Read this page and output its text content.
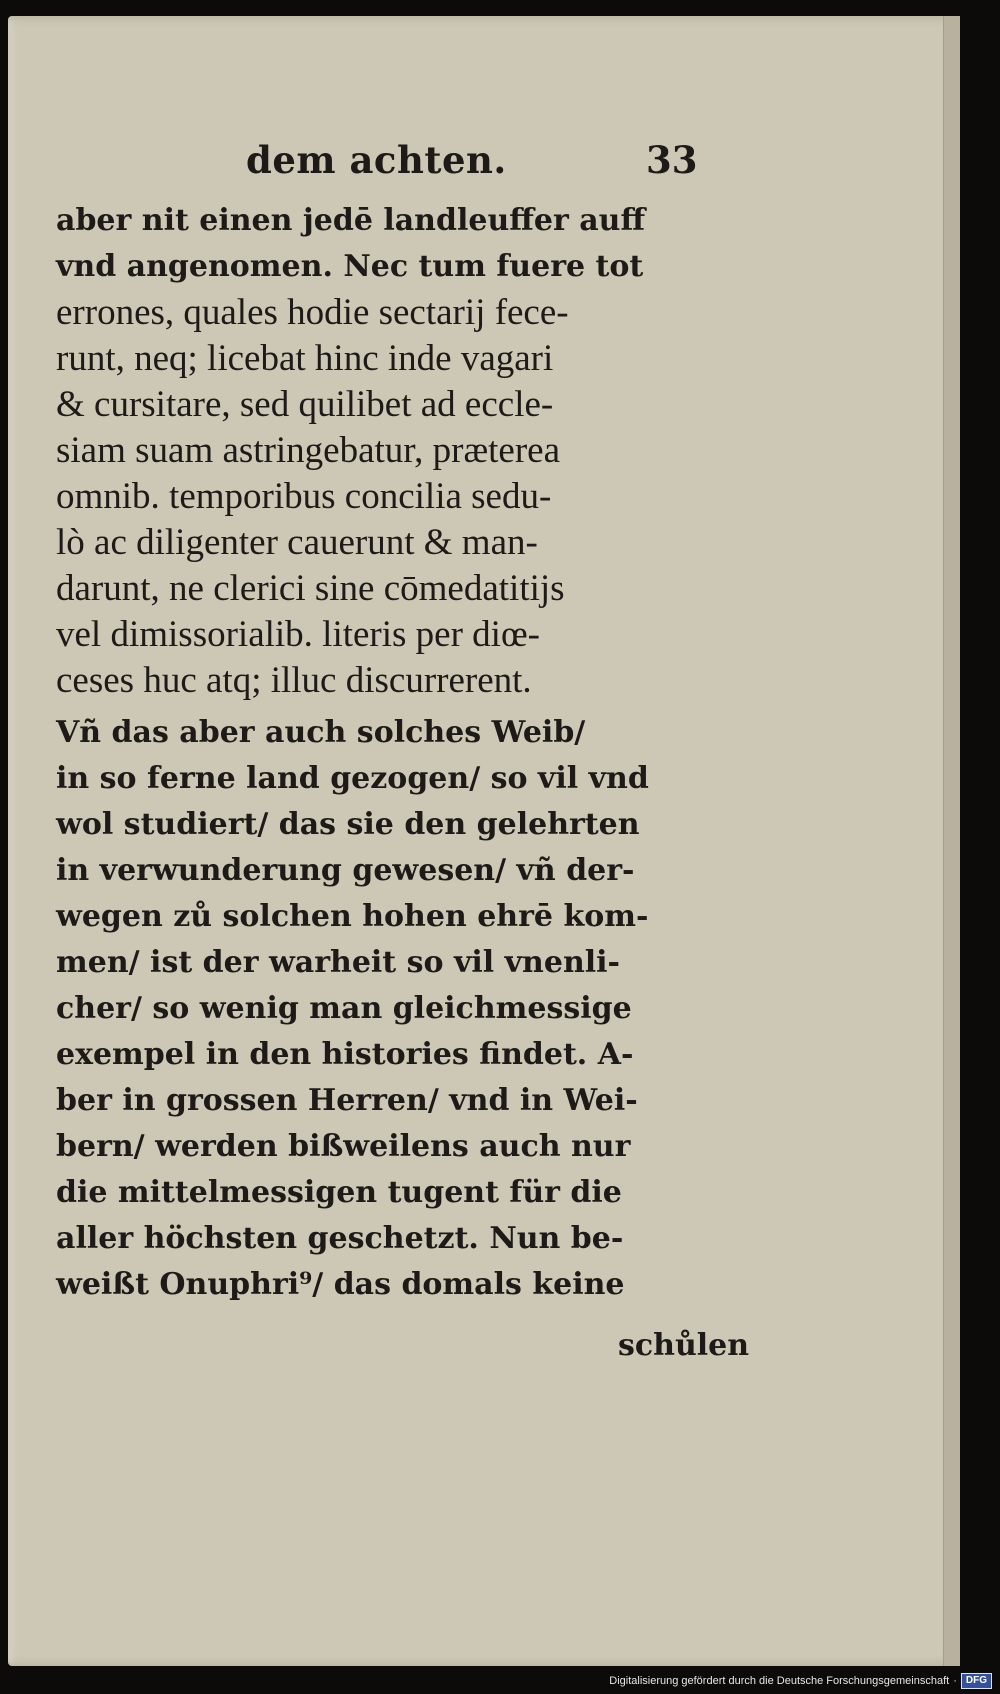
dem achten.	33
aber nit einen jedē landleuffer auff
vnd angenomen. Nec tum fuere tot
errones, quales hodie sectarij fece-
runt, neq; licebat hinc inde vagari
& cursitare, sed quilibet ad eccle-
siam suam astringebatur, præterea
omnib. temporibus concilia sedu-
lò ac diligenter cauerunt & man-
darunt, ne clerici sine cōmedatitijs
vel dimissorialib. literis per diœ-
ceses huc atq; illuc discurrerent.
Vñ das aber auch solches Weib/
in so ferne land gezogen/ so vil vnd
wol studiert/ das sie den gelehrten
in verwunderung gewesen/ vñ der-
wegen zů solchen hohen ehrē kom-
men/ ist der warheit so vil vnenli-
cher/ so wenig man gleichmessige
exempel in den histories findet. A-
ber in grossen Herren/ vnd in Wei-
bern/ werden bißweilens auch nur
die mittelmessigen tugent für die
aller höchsten geschetzt. Nun be-
weißt Onuphri⁹/ das domals keine
schůlen
Digitalisierung gefördert durch die Deutsche Forschungsgemeinschaft · DFG
